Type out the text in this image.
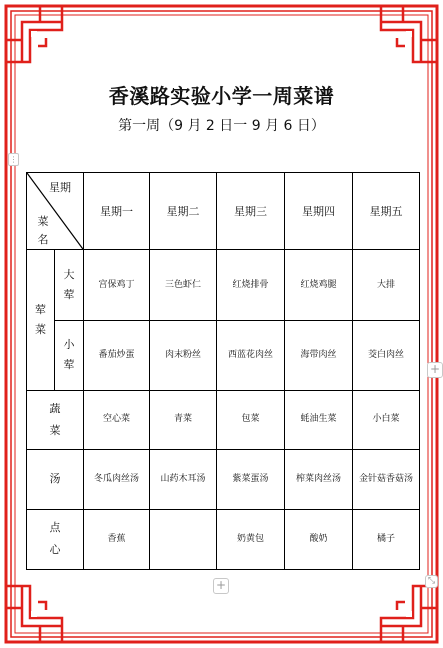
香溪路实验小学一周菜谱
第一周（9 月 2 日一 9 月 6 日）
⋮
+
+	⤡
星期
菜名		星期一	星期二	星期三	星期四	星期五
荤菜	大荤	宫保鸡丁	三色虾仁	红烧排骨	红烧鸡腿	大排
	小荤	番茄炒蛋	肉末粉丝	西蓝花肉丝	海带肉丝	茭白肉丝
蔬菜		空心菜	青菜	包菜	蚝油生菜	小白菜
汤		冬瓜肉丝汤	山药木耳汤	紫菜蛋汤	榨菜肉丝汤	金针菇香菇汤
点心		香蕉		奶黄包	酸奶	橘子
